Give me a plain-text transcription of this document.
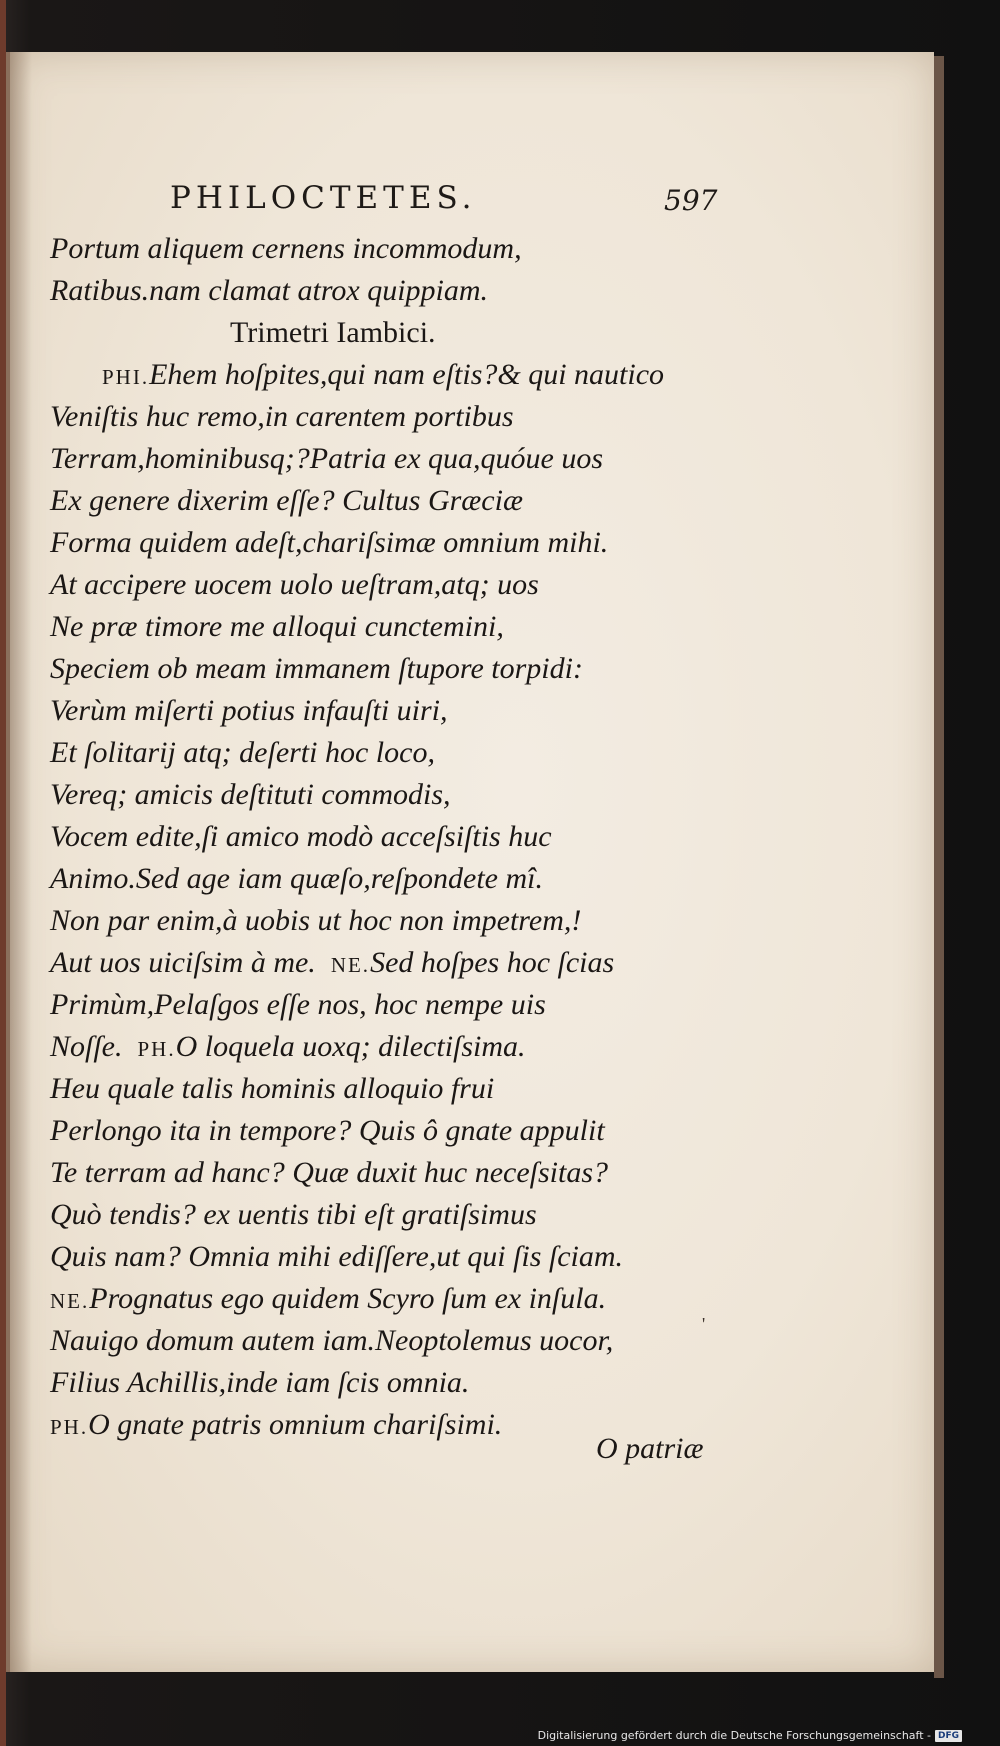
PHILOCTETES.	597
Portum aliquem cernens incommodum,
Ratibus.nam clamat atrox quippiam.
Trimetri Iambici.
PHI.Ehem hoſpites,qui nam eſtis?& qui nautico
Veniſtis huc remo,in carentem portibus
Terram,hominibusq;?Patria ex qua,quóue uos
Ex genere dixerim eſſe? Cultus Græciæ
Forma quidem adeſt,chariſsimæ omnium mihi.
At accipere uocem uolo ueſtram,atq; uos
Ne præ timore me alloqui cunctemini,
Speciem ob meam immanem ſtupore torpidi:
Verùm miſerti potius infauſti uiri,
Et ſolitarij atq; deſerti hoc loco,
Vereq; amicis deſtituti commodis,
Vocem edite,ſi amico modò acceſsiſtis huc
Animo.Sed age iam quæſo,reſpondete mî.
Non par enim,à uobis ut hoc non impetrem,!
Aut uos uiciſsim à me. NE.Sed hoſpes hoc ſcias
Primùm,Pelaſgos eſſe nos, hoc nempe uis
Noſſe. PH.O loquela uoxq; dilectiſsima.
Heu quale talis hominis alloquio frui
Perlongo ita in tempore? Quis ô gnate appulit
Te terram ad hanc? Quæ duxit huc neceſsitas?
Quò tendis? ex uentis tibi eſt gratiſsimus
Quis nam? Omnia mihi ediſſere,ut qui ſis ſciam.
NE.Prognatus ego quidem Scyro ſum ex inſula.
Nauigo domum autem iam.Neoptolemus uocor,
Filius Achillis,inde iam ſcis omnia.
PH.O gnate patris omnium chariſsimi.
'
O patriæ
Digitalisierung gefördert durch die Deutsche Forschungsgemeinschaft - DFG
